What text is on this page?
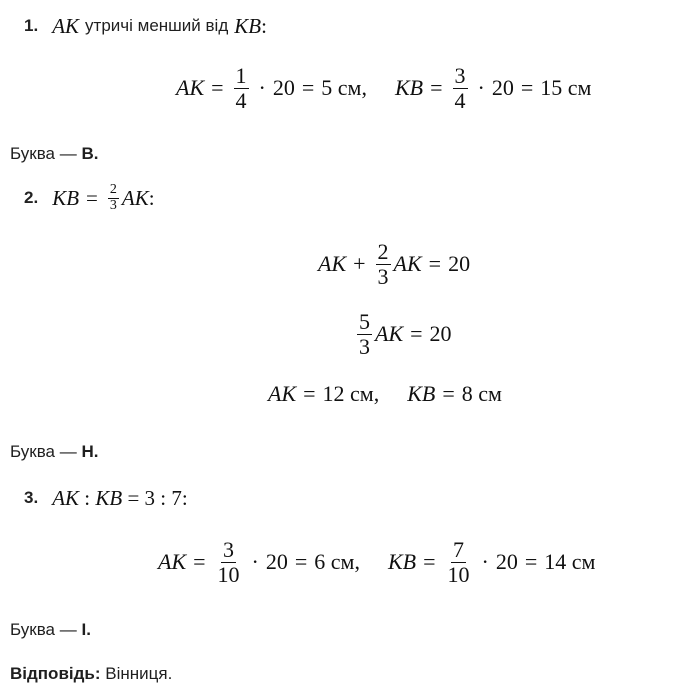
1. AK утричі менший від KB:
AK = $\frac{1}{4} \cdot 20 = 5$ см , KB = $\frac{3}{4} \cdot 20 = 15$ см
Буква — В.
2. KB = $\frac{2}{3}$ AK :
AK + $\frac{2}{3}$ AK = 20
$\frac{5}{3}$ AK = 20
AK = 12 см, KB = 8 см
Буква — Н.
3. AK : KB = 3 : 7:
AK = $\frac{3}{10} \cdot 20 = 6$ см, KB = $\frac{7}{10} \cdot 20 = 14$ см
Буква — І.
Відповідь: Вінниця.
